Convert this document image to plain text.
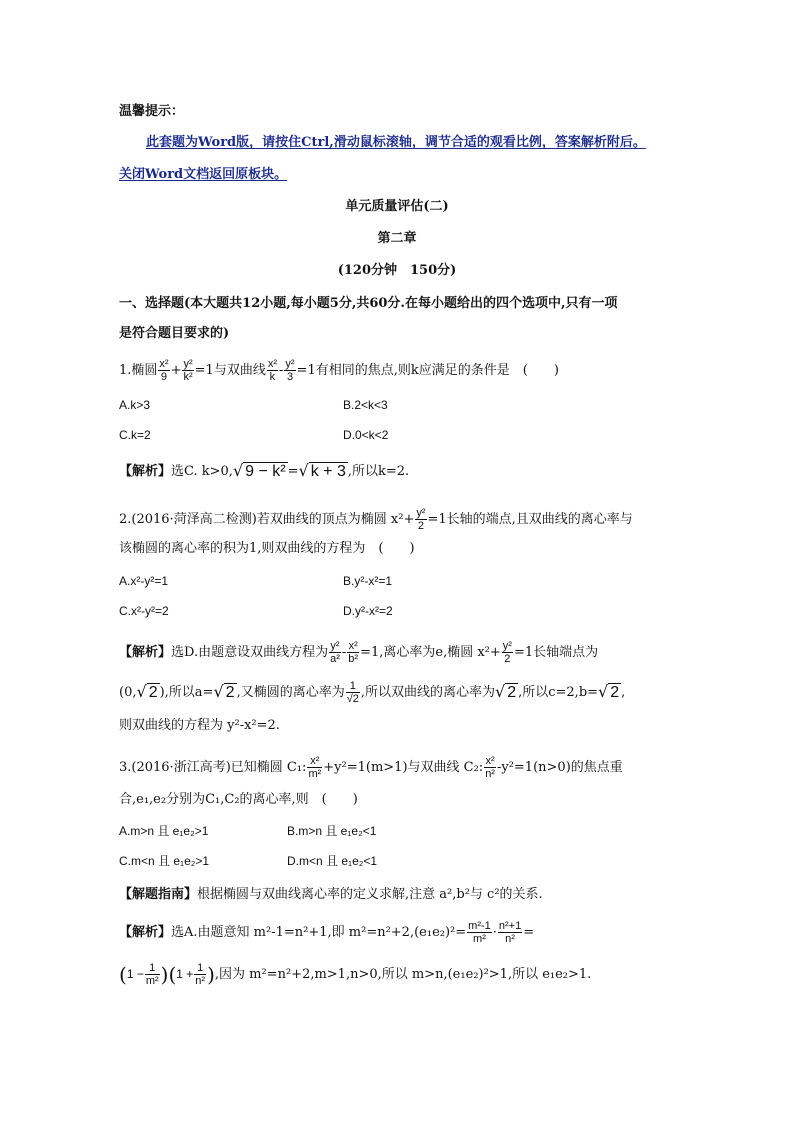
温馨提示：
此套题为Word版，请按住Ctrl,滑动鼠标滚轴，调节合适的观看比例，答案解析附后。
关闭Word文档返回原板块。
单元质量评估(二)
第二章
(120分钟　150分)
一、选择题(本大题共12小题,每小题5分,共60分.在每小题给出的四个选项中,只有一项
是符合题目要求的)
1.椭圆 $\frac{\text{x²}}{9} + \frac{\text{y²}}{\text{k²}} =1$与双曲线 $\frac{\text{x²}}{k} - \frac{\text{y²}}{3} =1$有相同的焦点,则k应满足的条件是　(　　)
A.k>3	B.2<k<3
C.k=2	D.0<k<2
【解析】选C. k>0,√ 9 − k² =√ k + 3 ,所以k=2.
2.(2016·菏泽高二检测)若双曲线的顶点为椭圆 $x^2+ \frac{\text{y²}}{2} =1$长轴的端点,且双曲线的离心率与
该椭圆的离心率的积为1,则双曲线的方程为　(　　)
A.x²-y²=1	B.y²-x²=1
C.x²-y²=2	D.y²-x²=2
【解析】选D.由题意设双曲线方程为 $\frac{\text{y²}}{\text{a²}} - \frac{\text{x²}}{\text{b²}} =1$,离心率为e,椭圆 $x^2+ \frac{\text{y²}}{2} =1$长轴端点为
(0,√ 2 ),所以a=√ 2 ,又椭圆的离心率为 $\frac{1}{√2}$ ,所以双曲线的离心率为√ 2 ,所以c=2,b=√ 2 ,
则双曲线的方程为 y²-x²=2.
3.(2016·浙江高考)已知椭圆 C₁: $\frac{\text{x²}}{\text{m²}} +y^2=1(m>1)$与双曲线 C₂: $\frac{\text{x²}}{\text{n²}} -y^2=1(n>0)$的焦点重
合,e₁,e₂分别为C₁,C₂的离心率,则　(　　)
A.m>n 且 e₁e₂>1	B.m>n 且 e₁e₂<1
C.m<n 且 e₁e₂>1	D.m<n 且 e₁e₂<1
【解题指南】根据椭圆与双曲线离心率的定义求解,注意 a²,b²与 c²的关系.
【解析】选A.由题意知 m²-1=n²+1,即 $m^2=n^2+2,(e_1e_2)^2= \frac{\text{m²-1}}{\text{m²}} \cdot \frac{\text{n²+1}}{\text{n²}}$ =
$(1 - \frac{1}{\text{m²}} )(1 + \frac{1}{\text{n²}}$ ),因为 m²=n²+2,m>1,n>0,所以 m>n,(e₁e₂)²>1,所以 e₁e₂>1.
